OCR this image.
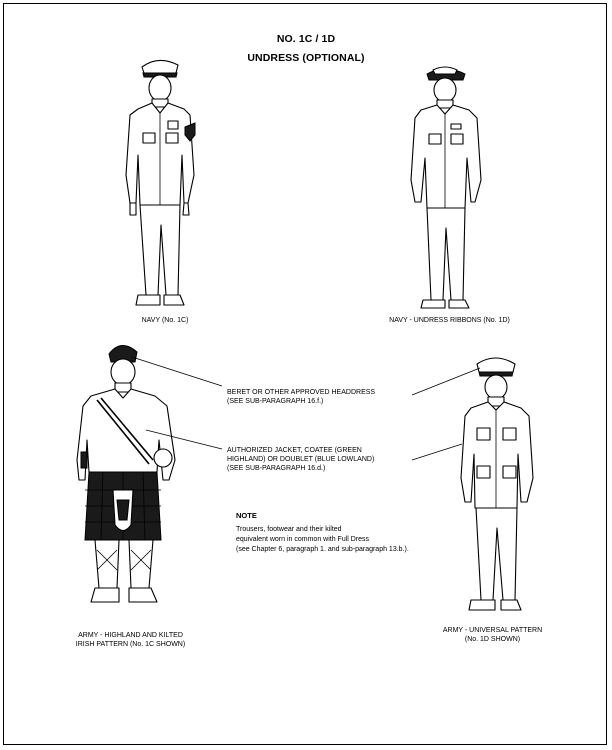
NO. 1C / 1D
UNDRESS (OPTIONAL)
NAVY (No. 1C)	NAVY - UNDRESS RIBBONS (No. 1D)
ARMY - HIGHLAND AND KILTED
IRISH PATTERN (No. 1C SHOWN)
ARMY - UNIVERSAL PATTERN
(No. 1D SHOWN)
BERET OR OTHER APPROVED HEADDRESS
(SEE SUB-PARAGRAPH 16.f.)
AUTHORIZED JACKET, COATEE (GREEN
HIGHLAND) OR DOUBLET (BLUE LOWLAND)
(SEE SUB-PARAGRAPH 16.d.)
NOTE
Trousers, footwear and their kilted
equivalent worn in common with Full Dress
(see Chapter 6, paragraph 1. and sub-paragraph 13.b.).
